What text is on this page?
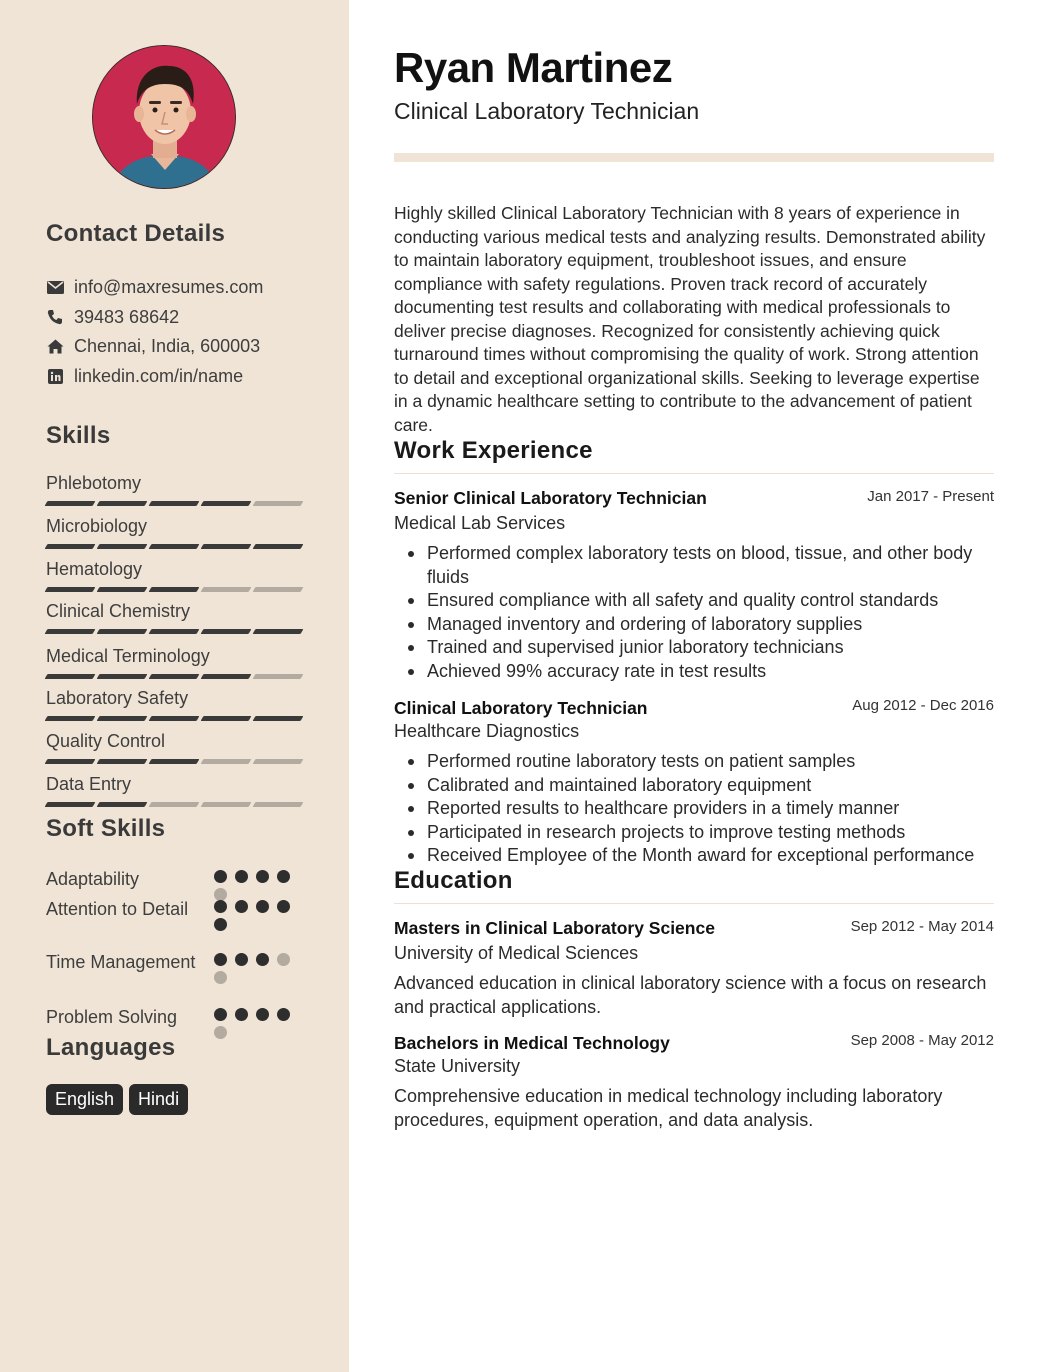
Contact Details
info@maxresumes.com
39483 68642
Chennai, India, 600003
linkedin.com/in/name
Skills
Phlebotomy
Microbiology
Hematology
Clinical Chemistry
Medical Terminology
Laboratory Safety
Quality Control
Data Entry
Soft Skills
Adaptability
Attention to Detail
Time Management
Problem Solving
Languages
English	Hindi
Ryan Martinez
Clinical Laboratory Technician
Highly skilled Clinical Laboratory Technician with 8 years of experience in conducting various medical tests and analyzing results. Demonstrated ability to maintain laboratory equipment, troubleshoot issues, and ensure compliance with safety regulations. Proven track record of accurately documenting test results and collaborating with medical professionals to deliver precise diagnoses. Recognized for consistently achieving quick turnaround times without compromising the quality of work. Strong attention to detail and exceptional organizational skills. Seeking to leverage expertise in a dynamic healthcare setting to contribute to the advancement of patient care.
Work Experience
Senior Clinical Laboratory Technician	Jan 2017 - Present
Medical Lab Services
Performed complex laboratory tests on blood, tissue, and other body fluids
Ensured compliance with all safety and quality control standards
Managed inventory and ordering of laboratory supplies
Trained and supervised junior laboratory technicians
Achieved 99% accuracy rate in test results
Clinical Laboratory Technician	Aug 2012 - Dec 2016
Healthcare Diagnostics
Performed routine laboratory tests on patient samples
Calibrated and maintained laboratory equipment
Reported results to healthcare providers in a timely manner
Participated in research projects to improve testing methods
Received Employee of the Month award for exceptional performance
Education
Masters in Clinical Laboratory Science	Sep 2012 - May 2014
University of Medical Sciences
Advanced education in clinical laboratory science with a focus on research and practical applications.
Bachelors in Medical Technology	Sep 2008 - May 2012
State University
Comprehensive education in medical technology including laboratory procedures, equipment operation, and data analysis.
